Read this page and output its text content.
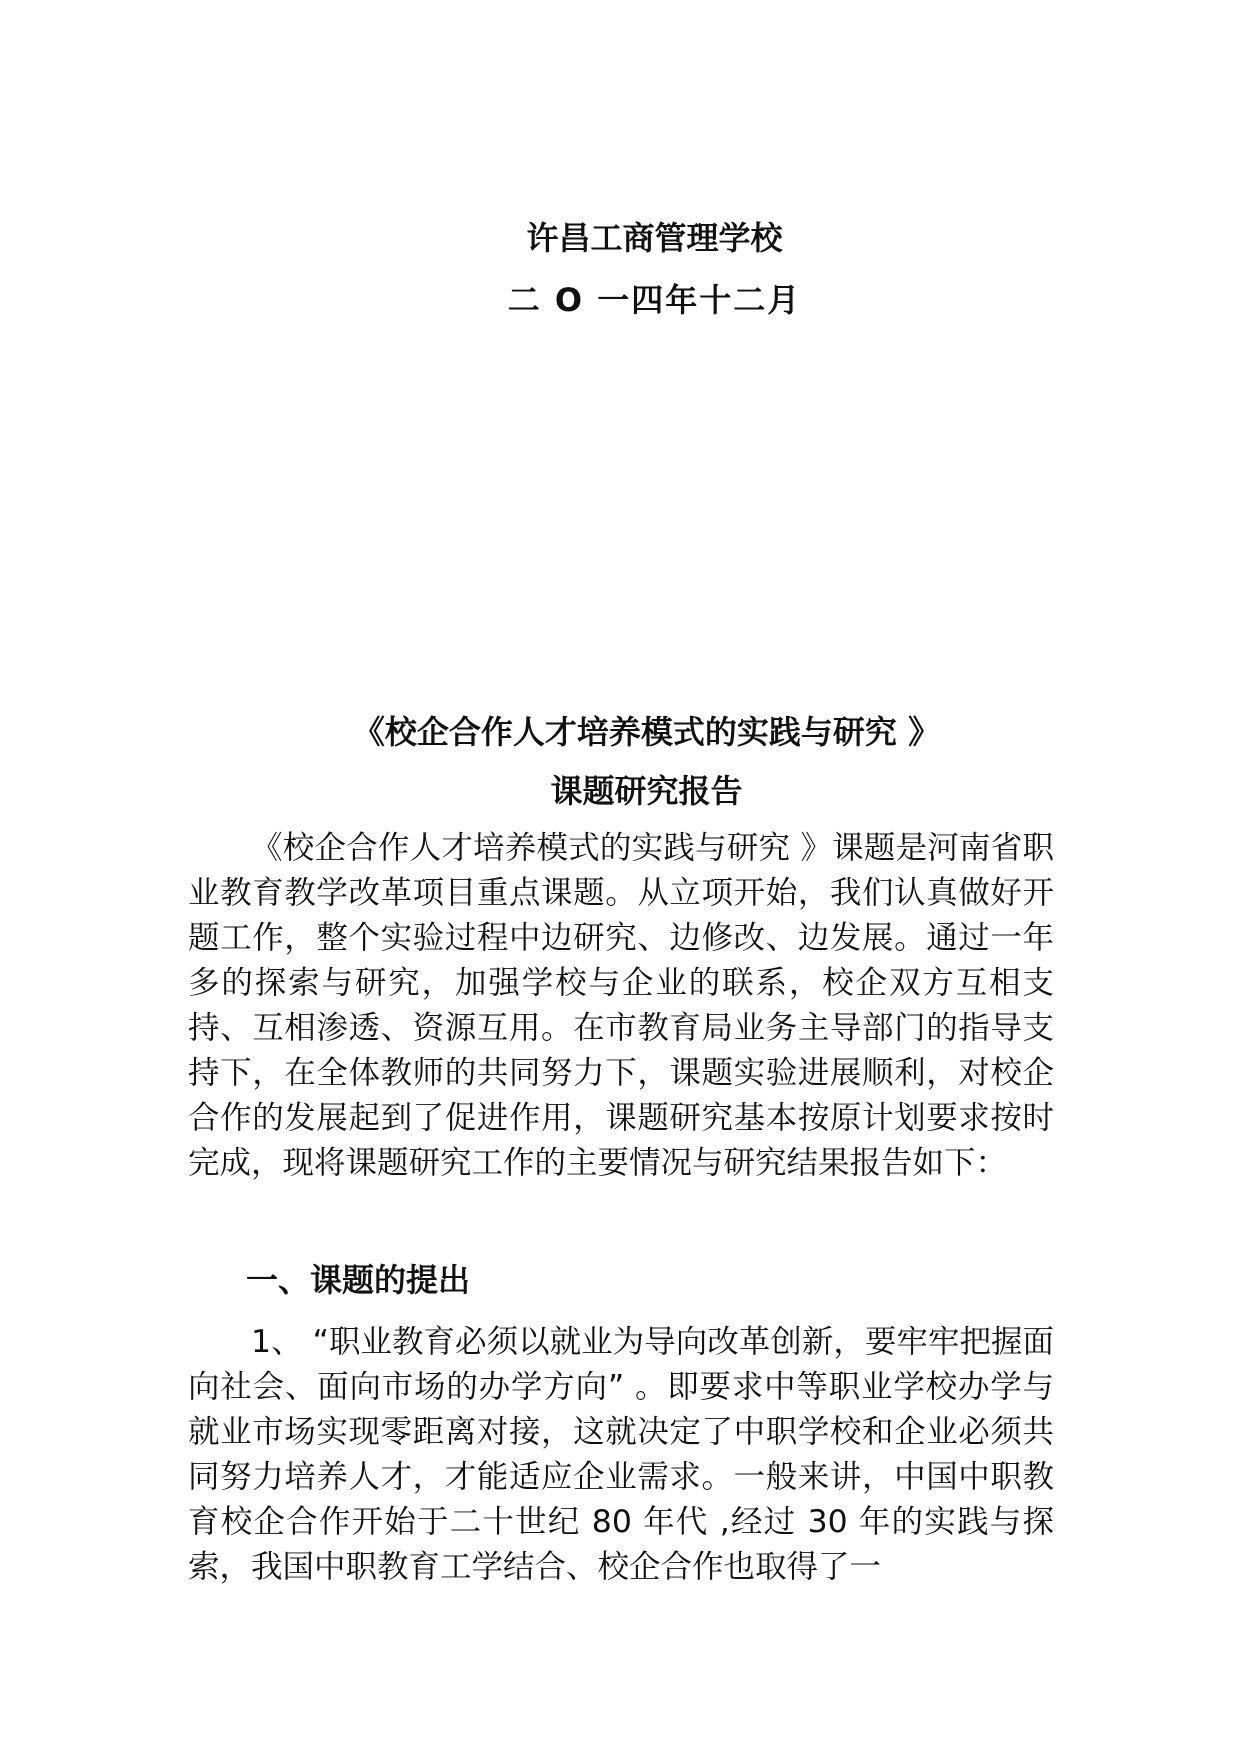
许昌工商管理学校
二 O 一四年十二月
《校企合作人才培养模式的实践与研究 》
课题研究报告

《校企合作人才培养模式的实践与研究 》课题是河南省职业教育教学改革项目重点课题。从立项开始，我们认真做好开题工作，整个实验过程中边研究、边修改、边发展。通过一年多的探索与研究，加强学校与企业的联系，校企双方互相支持、互相渗透、资源互用。在市教育局业务主导部门的指导支持下，在全体教师的共同努力下，课题实验进展顺利，对校企合作的发展起到了促进作用，课题研究基本按原计划要求按时完成，现将课题研究工作的主要情况与研究结果报告如下：

一、课题的提出

1、 “职业教育必须以就业为导向改革创新，要牢牢把握面向社会、面向市场的办学方向” 。即要求中等职业学校办学与就业市场实现零距离对接，这就决定了中职学校和企业必须共同努力培养人才，才能适应企业需求。一般来讲，中国中职教育校企合作开始于二十世纪 80 年代 ,经过 30 年的实践与探索，我国中职教育工学结合、校企合作也取得了一
